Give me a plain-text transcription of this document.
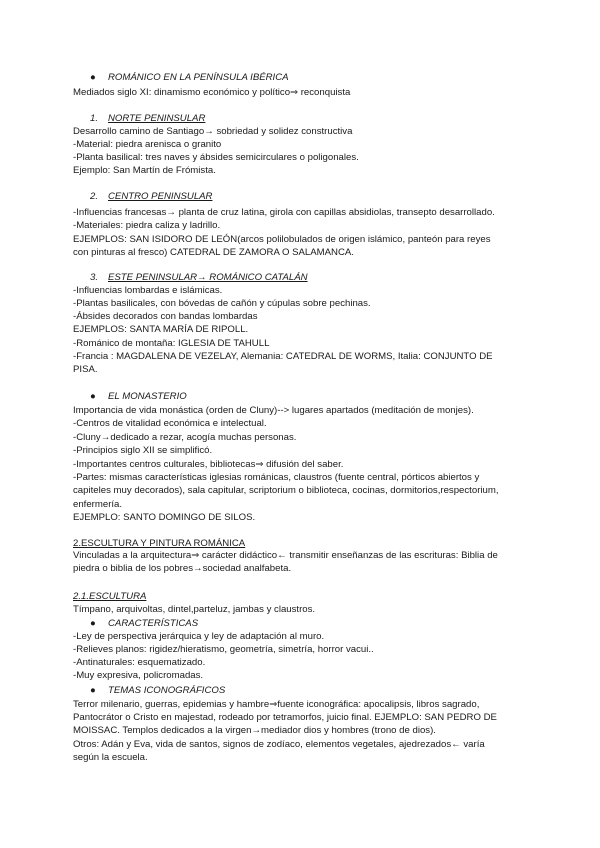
● ROMÁNICO EN LA PENÍNSULA IBÉRICA
Mediados siglo XI: dinamismo económico y político⇒ reconquista
1. NORTE PENINSULAR
Desarrollo camino de Santiago→ sobriedad y solidez constructiva
-Material: piedra arenisca o granito
-Planta basilical: tres naves y ábsides semicirculares o poligonales.
Ejemplo: San Martín de Frómista.
2. CENTRO PENINSULAR
-Influencias francesas→ planta de cruz latina, girola con capillas absidiolas, transepto desarrollado.
-Materiales: piedra caliza y ladrillo.
EJEMPLOS: SAN ISIDORO DE LEÓN(arcos polilobulados de origen islámico, panteón para reyes
con pinturas al fresco) CATEDRAL DE ZAMORA O SALAMANCA.
3. ESTE PENINSULAR→ ROMÁNICO CATALÁN
-Influencias lombardas e islámicas.
-Plantas basilicales, con bóvedas de cañón y cúpulas sobre pechinas.
-Ábsides decorados con bandas lombardas
EJEMPLOS: SANTA MARÍA DE RIPOLL.
-Románico de montaña: IGLESIA DE TAHULL
-Francia : MAGDALENA DE VEZELAY, Alemania: CATEDRAL DE WORMS, Italia: CONJUNTO DE
PISA.
● EL MONASTERIO
Importancia de vida monástica (orden de Cluny)--> lugares apartados (meditación de monjes).
-Centros de vitalidad económica e intelectual.
-Cluny→dedicado a rezar, acogía muchas personas.
-Principios siglo XII se simplificó.
-Importantes centros culturales, bibliotecas⇒ difusión del saber.
-Partes: mismas características iglesias románicas, claustros (fuente central, pórticos abiertos y
capiteles muy decorados), sala capitular, scriptorium o biblioteca, cocinas, dormitorios,respectorium,
enfermería.
EJEMPLO: SANTO DOMINGO DE SILOS.
2.ESCULTURA Y PINTURA ROMÁNICA
Vinculadas a la arquitectura⇒ carácter didáctico← transmitir enseñanzas de las escrituras: Biblia de
piedra o biblia de los pobres→sociedad analfabeta.
2.1.ESCULTURA
Tímpano, arquivoltas, dintel,parteluz, jambas y claustros.
● CARACTERÍSTICAS
-Ley de perspectiva jerárquica y ley de adaptación al muro.
-Relieves planos: rigidez/hieratismo, geometría, simetría, horror vacui..
-Antinaturales: esquematizado.
-Muy expresiva, policromadas.
● TEMAS ICONOGRÁFICOS
Terror milenario, guerras, epidemias y hambre⇒fuente iconográfica: apocalipsis, libros sagrado,
Pantocrátor o Cristo en majestad, rodeado por tetramorfos, juicio final. EJEMPLO: SAN PEDRO DE
MOISSAC. Templos dedicados a la virgen→mediador dios y hombres (trono de dios).
Otros: Adán y Eva, vida de santos, signos de zodíaco, elementos vegetales, ajedrezados← varía
según la escuela.
